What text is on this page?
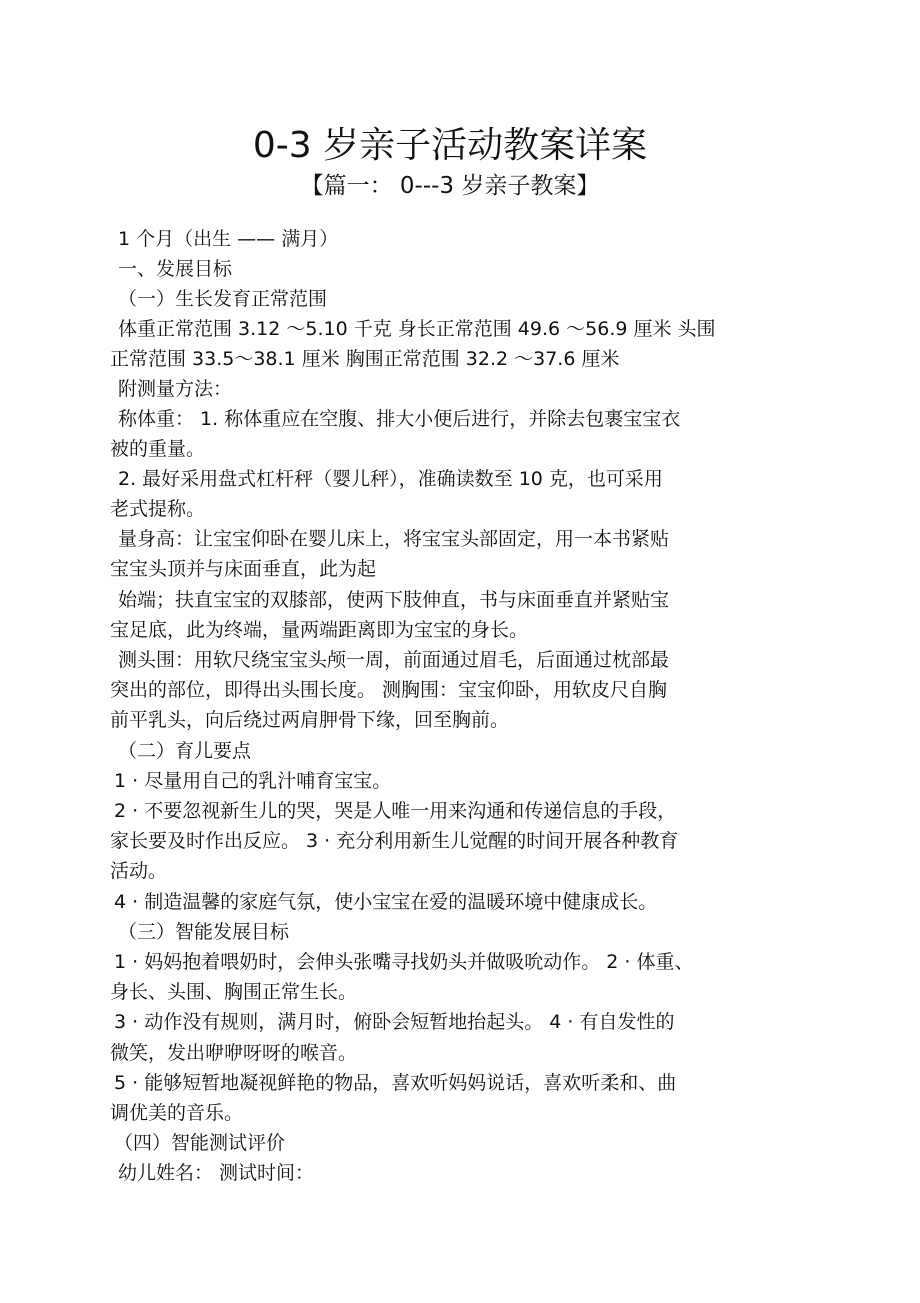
0-3 岁亲子活动教案详案
【篇一： 0---3 岁亲子教案】
1 个月（出生 —— 满月）
一、发展目标
（一）生长发育正常范围
体重正常范围 3.12 ～5.10 千克 身长正常范围 49.6 ～56.9 厘米 头围
正常范围 33.5～38.1 厘米 胸围正常范围 32.2 ～37.6 厘米
附测量方法：
称体重： 1. 称体重应在空腹、排大小便后进行，并除去包裹宝宝衣
被的重量。
2. 最好采用盘式杠杆秤（婴儿秤），准确读数至 10 克，也可采用
老式提称。
量身高：让宝宝仰卧在婴儿床上，将宝宝头部固定，用一本书紧贴
宝宝头顶并与床面垂直，此为起
始端；扶直宝宝的双膝部，使两下肢伸直，书与床面垂直并紧贴宝
宝足底，此为终端，量两端距离即为宝宝的身长。
测头围：用软尺绕宝宝头颅一周，前面通过眉毛，后面通过枕部最
突出的部位，即得出头围长度。 测胸围：宝宝仰卧，用软皮尺自胸
前平乳头，向后绕过两肩胛骨下缘，回至胸前。
（二）育儿要点
1 · 尽量用自己的乳汁哺育宝宝。
2 · 不要忽视新生儿的哭，哭是人唯一用来沟通和传递信息的手段，
家长要及时作出反应。 3 · 充分利用新生儿觉醒的时间开展各种教育
活动。
4 · 制造温馨的家庭气氛，使小宝宝在爱的温暖环境中健康成长。
（三）智能发展目标
1 · 妈妈抱着喂奶时，会伸头张嘴寻找奶头并做吸吮动作。 2 · 体重、
身长、头围、胸围正常生长。
3 · 动作没有规则，满月时，俯卧会短暂地抬起头。 4 · 有自发性的
微笑，发出咿咿呀呀的喉音。
5 · 能够短暂地凝视鲜艳的物品，喜欢听妈妈说话，喜欢听柔和、曲
调优美的音乐。
（四）智能测试评价
幼儿姓名： 测试时间：
